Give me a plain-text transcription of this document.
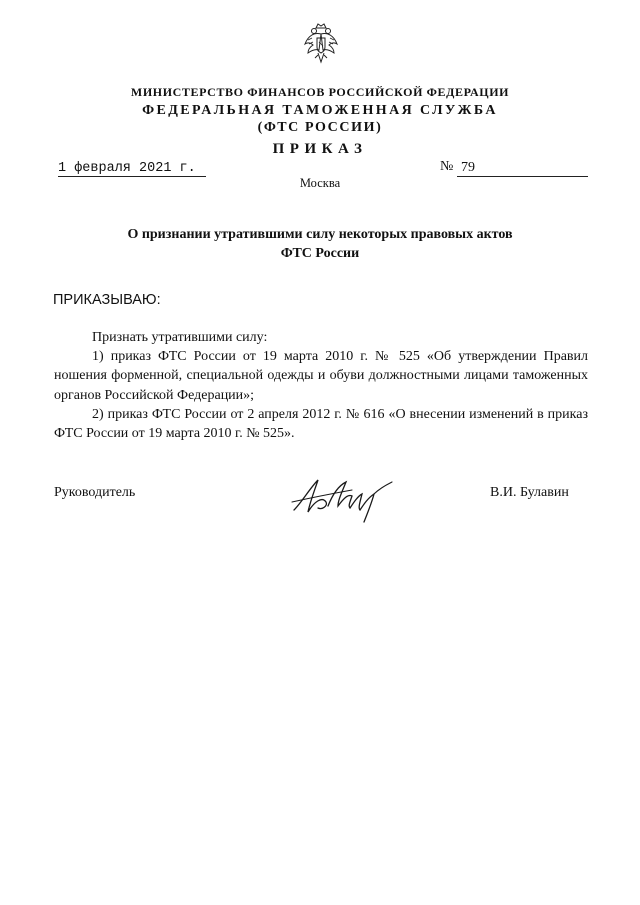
МИНИСТЕРСТВО ФИНАНСОВ РОССИЙСКОЙ ФЕДЕРАЦИИ
ФЕДЕРАЛЬНАЯ ТАМОЖЕННАЯ СЛУЖБА
(ФТС РОССИИ)
ПРИКАЗ
1 февраля 2021 г.	№ 79
Москва
О признании утратившими силу некоторых правовых актов
ФТС России
ПРИКАЗЫВАЮ:

Признать утратившими силу:

1) приказ ФТС России от 19 марта 2010 г. № 525 «Об утверждении Правил ношения форменной, специальной одежды и обуви должностными лицами таможенных органов Российской Федерации»;

2) приказ ФТС России от 2 апреля 2012 г. № 616 «О внесении изменений в приказ ФТС России от 19 марта 2010 г. № 525».

Руководитель	В.И. Булавин
